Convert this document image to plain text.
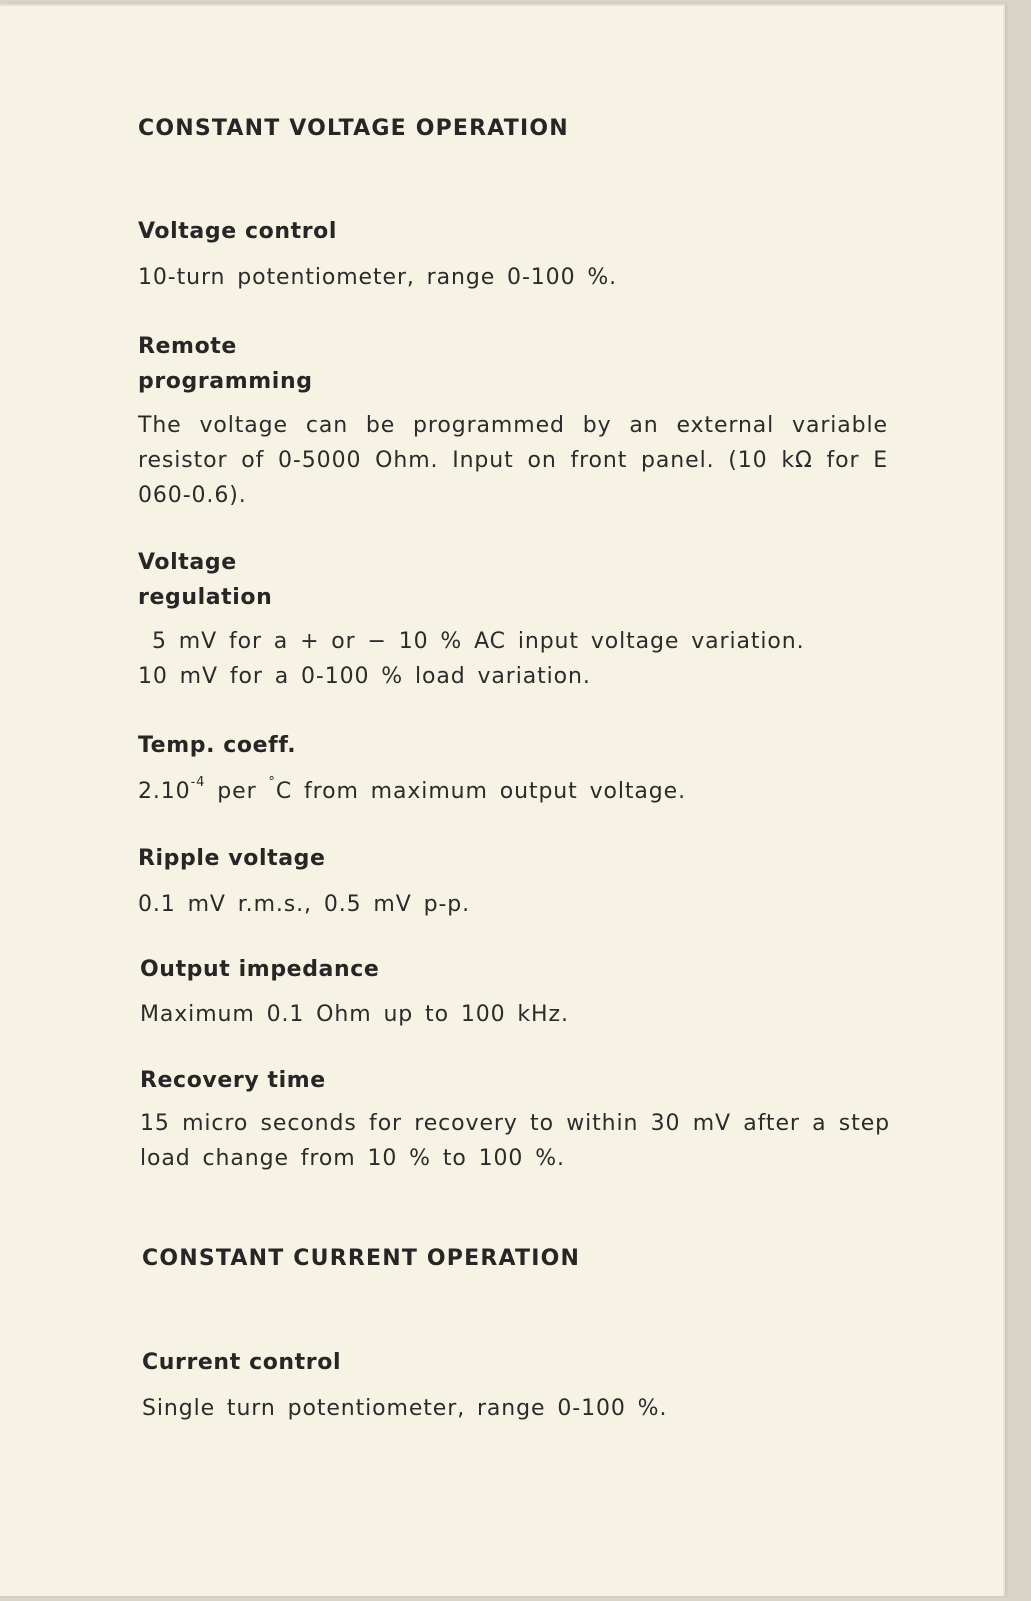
CONSTANT VOLTAGE OPERATION
Voltage control

10-turn potentiometer, range 0-100 %.

Remote
programming

The voltage can be programmed by an external variable resistor of 0-5000 Ohm. Input on front panel. (10 kΩ for E 060-0.6).

Voltage
regulation

5 mV for a + or − 10 % AC input voltage variation.
10 mV for a 0-100 % load variation.

Temp. coeff.

$2.10^{-4}$ per °C from maximum output voltage.

Ripple voltage

0.1 mV r.m.s., 0.5 mV p-p.

Output impedance

Maximum 0.1 Ohm up to 100 kHz.

Recovery time

15 micro seconds for recovery to within 30 mV after a step load change from 10 % to 100 %.

CONSTANT CURRENT OPERATION
Current control

Single turn potentiometer, range 0-100 %.
